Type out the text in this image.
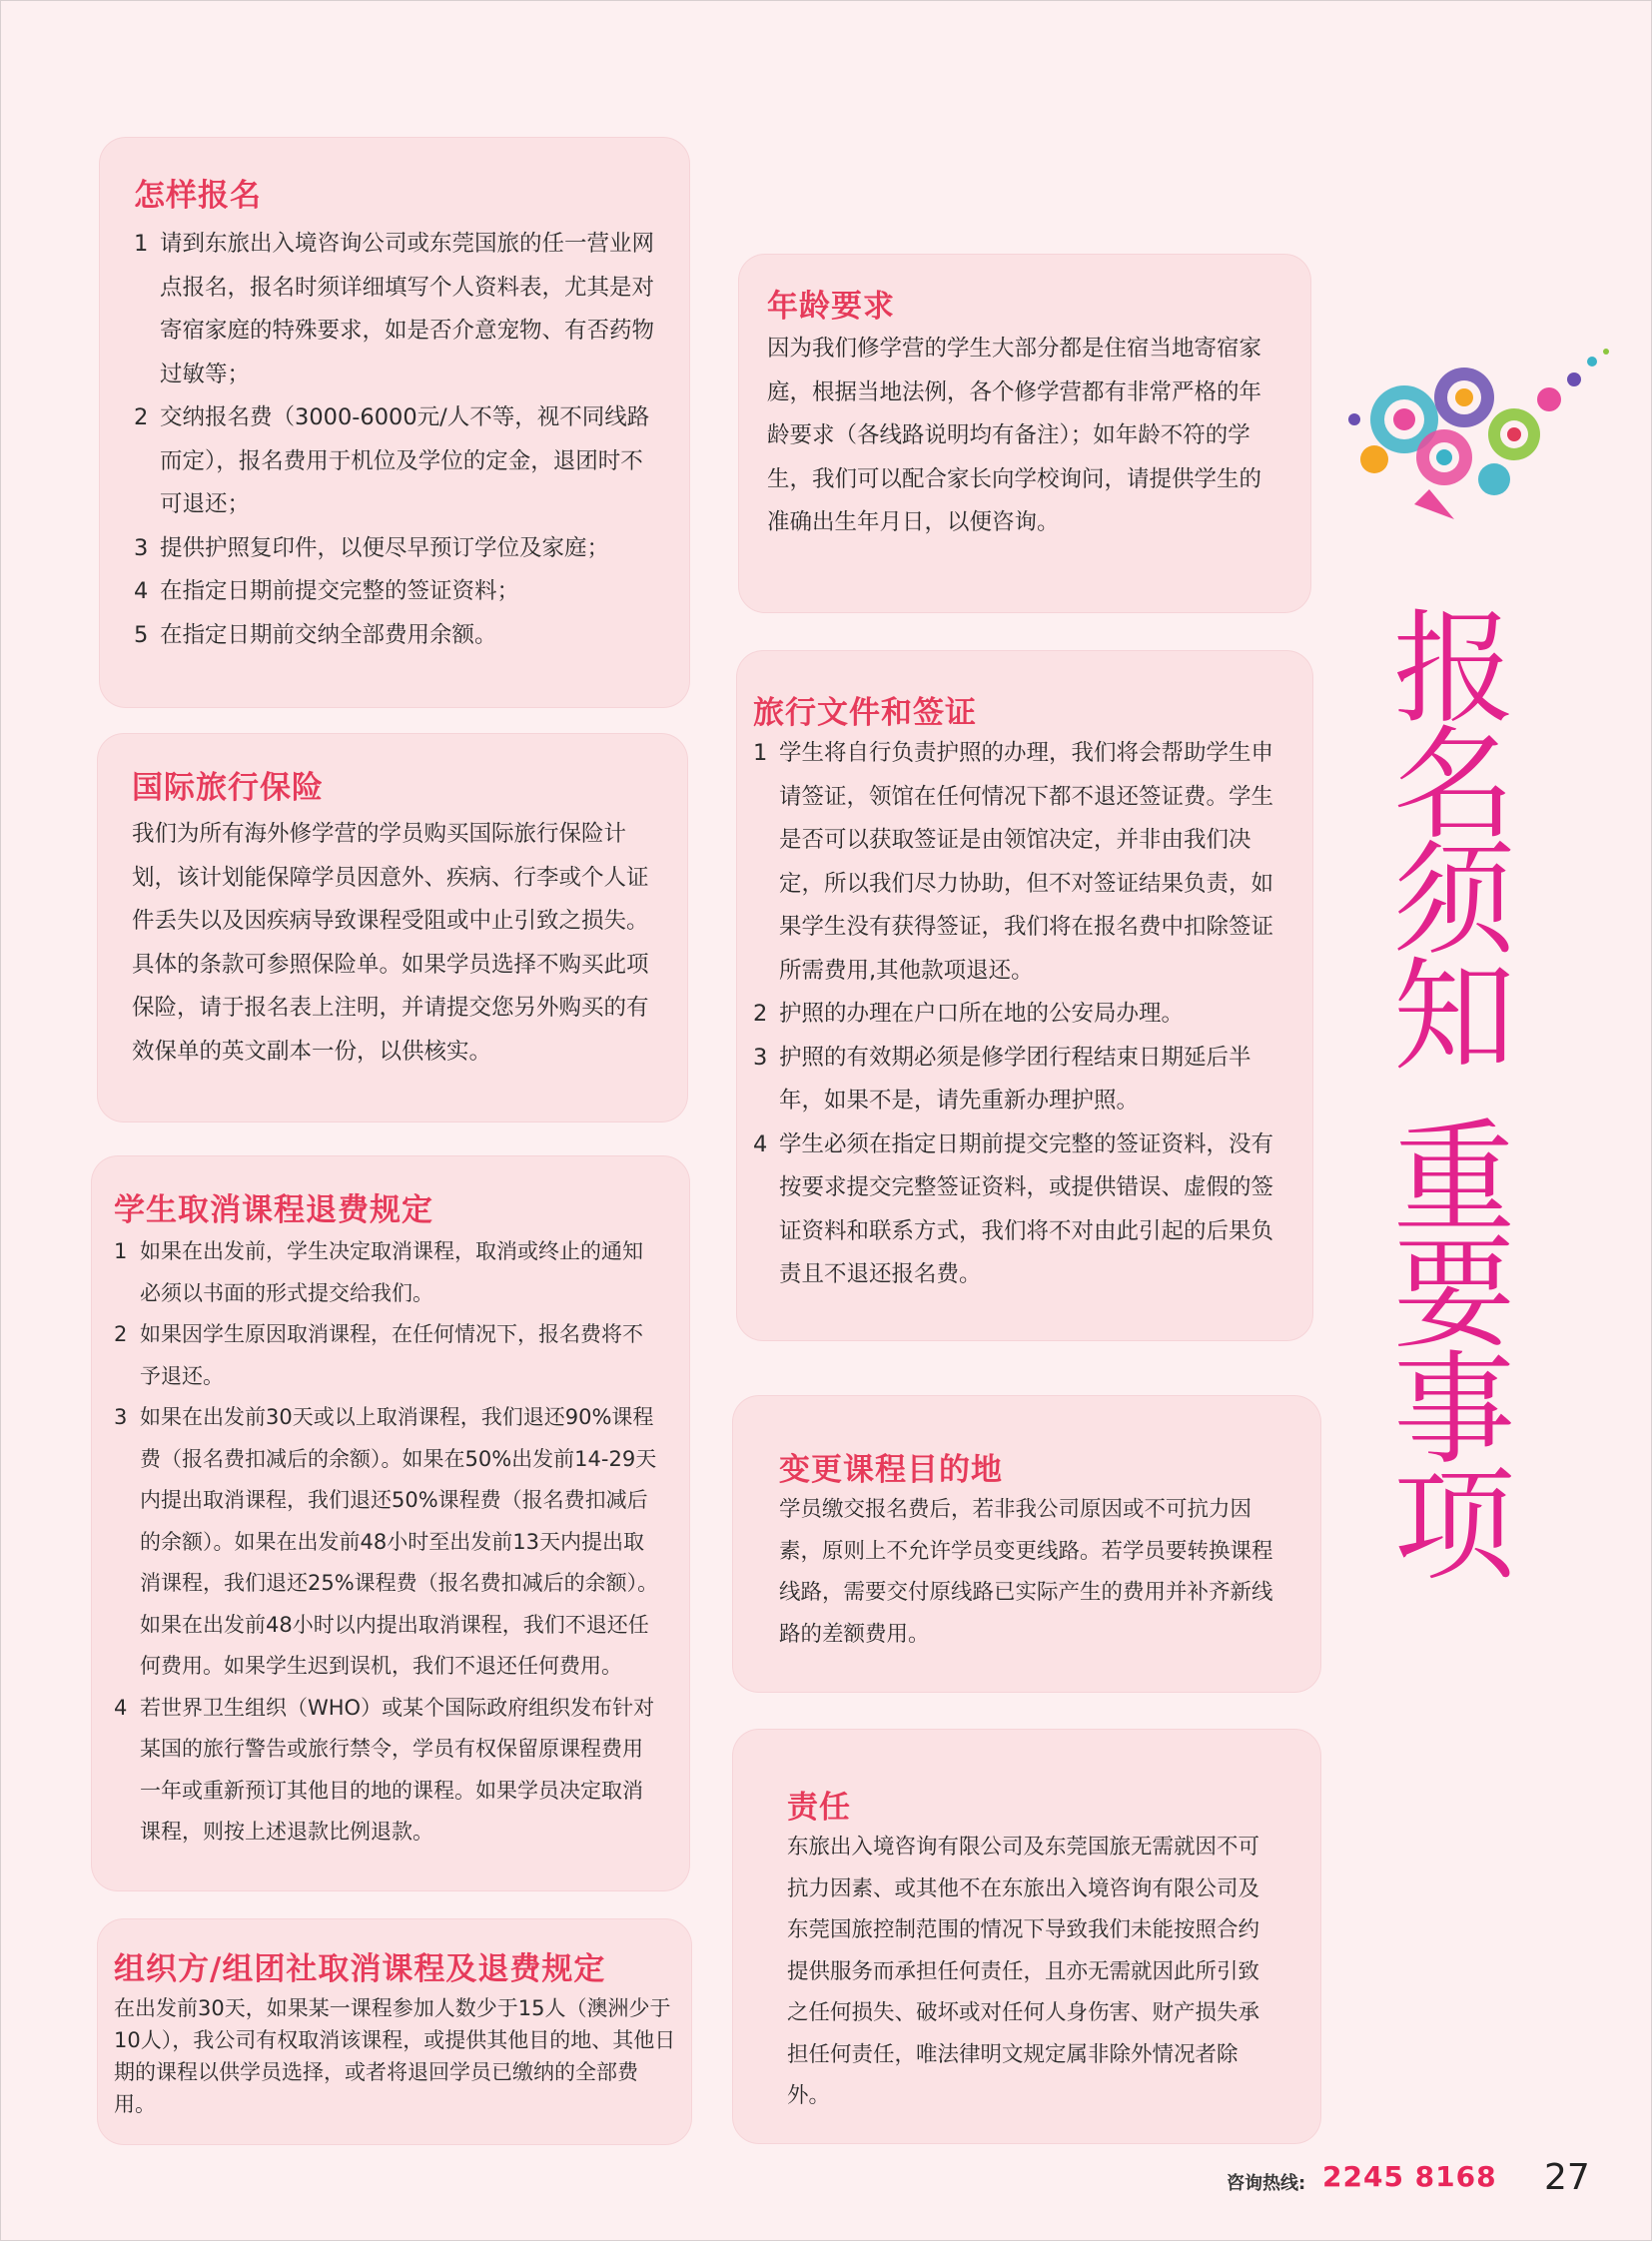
怎样报名
1 请到东旅出入境咨询公司或东莞国旅的任一营业网点报名，报名时须详细填写个人资料表，尤其是对寄宿家庭的特殊要求，如是否介意宠物、有否药物过敏等；
2 交纳报名费（3000-6000元/人不等，视不同线路而定），报名费用于机位及学位的定金，退团时不可退还；
3 提供护照复印件，以便尽早预订学位及家庭；
4 在指定日期前提交完整的签证资料；
5 在指定日期前交纳全部费用余额。
国际旅行保险

我们为所有海外修学营的学员购买国际旅行保险计划，该计划能保障学员因意外、疾病、行李或个人证件丢失以及因疾病导致课程受阻或中止引致之损失。具体的条款可参照保险单。如果学员选择不购买此项保险，请于报名表上注明，并请提交您另外购买的有效保单的英文副本一份，以供核实。

学生取消课程退费规定
1 如果在出发前，学生决定取消课程，取消或终止的通知必须以书面的形式提交给我们。
2 如果因学生原因取消课程，在任何情况下，报名费将不予退还。
3 如果在出发前30天或以上取消课程，我们退还90%课程费（报名费扣减后的余额）。如果在50%出发前14-29天内提出取消课程，我们退还50%课程费（报名费扣减后的余额）。如果在出发前48小时至出发前13天内提出取消课程，我们退还25%课程费（报名费扣减后的余额）。如果在出发前48小时以内提出取消课程，我们不退还任何费用。如果学生迟到误机，我们不退还任何费用。
4 若世界卫生组织（WHO）或某个国际政府组织发布针对某国的旅行警告或旅行禁令，学员有权保留原课程费用一年或重新预订其他目的地的课程。如果学员决定取消课程，则按上述退款比例退款。
组织方/组团社取消课程及退费规定

在出发前30天，如果某一课程参加人数少于15人（澳洲少于10人），我公司有权取消该课程，或提供其他目的地、其他日期的课程以供学员选择，或者将退回学员已缴纳的全部费用。

年龄要求

因为我们修学营的学生大部分都是住宿当地寄宿家庭，根据当地法例，各个修学营都有非常严格的年龄要求（各线路说明均有备注）；如年龄不符的学生，我们可以配合家长向学校询问，请提供学生的准确出生年月日，以便咨询。

旅行文件和签证
1 学生将自行负责护照的办理，我们将会帮助学生申请签证，领馆在任何情况下都不退还签证费。学生是否可以获取签证是由领馆决定，并非由我们决定，所以我们尽力协助，但不对签证结果负责，如果学生没有获得签证，我们将在报名费中扣除签证所需费用,其他款项退还。
2 护照的办理在户口所在地的公安局办理。
3 护照的有效期必须是修学团行程结束日期延后半年，如果不是，请先重新办理护照。
4 学生必须在指定日期前提交完整的签证资料，没有按要求提交完整签证资料，或提供错误、虚假的签证资料和联系方式，我们将不对由此引起的后果负责且不退还报名费。
变更课程目的地

学员缴交报名费后，若非我公司原因或不可抗力因素，原则上不允许学员变更线路。若学员要转换课程线路，需要交付原线路已实际产生的费用并补齐新线路的差额费用。

责任

东旅出入境咨询有限公司及东莞国旅无需就因不可抗力因素、或其他不在东旅出入境咨询有限公司及东莞国旅控制范围的情况下导致我们未能按照合约提供服务而承担任何责任，且亦无需就因此所引致之任何损失、破坏或对任何人身伤害、财产损失承担任何责任，唯法律明文规定属非除外情况者除外。

报
名
须
知
重
要
事
项
咨询热线: 2245 8168 27
